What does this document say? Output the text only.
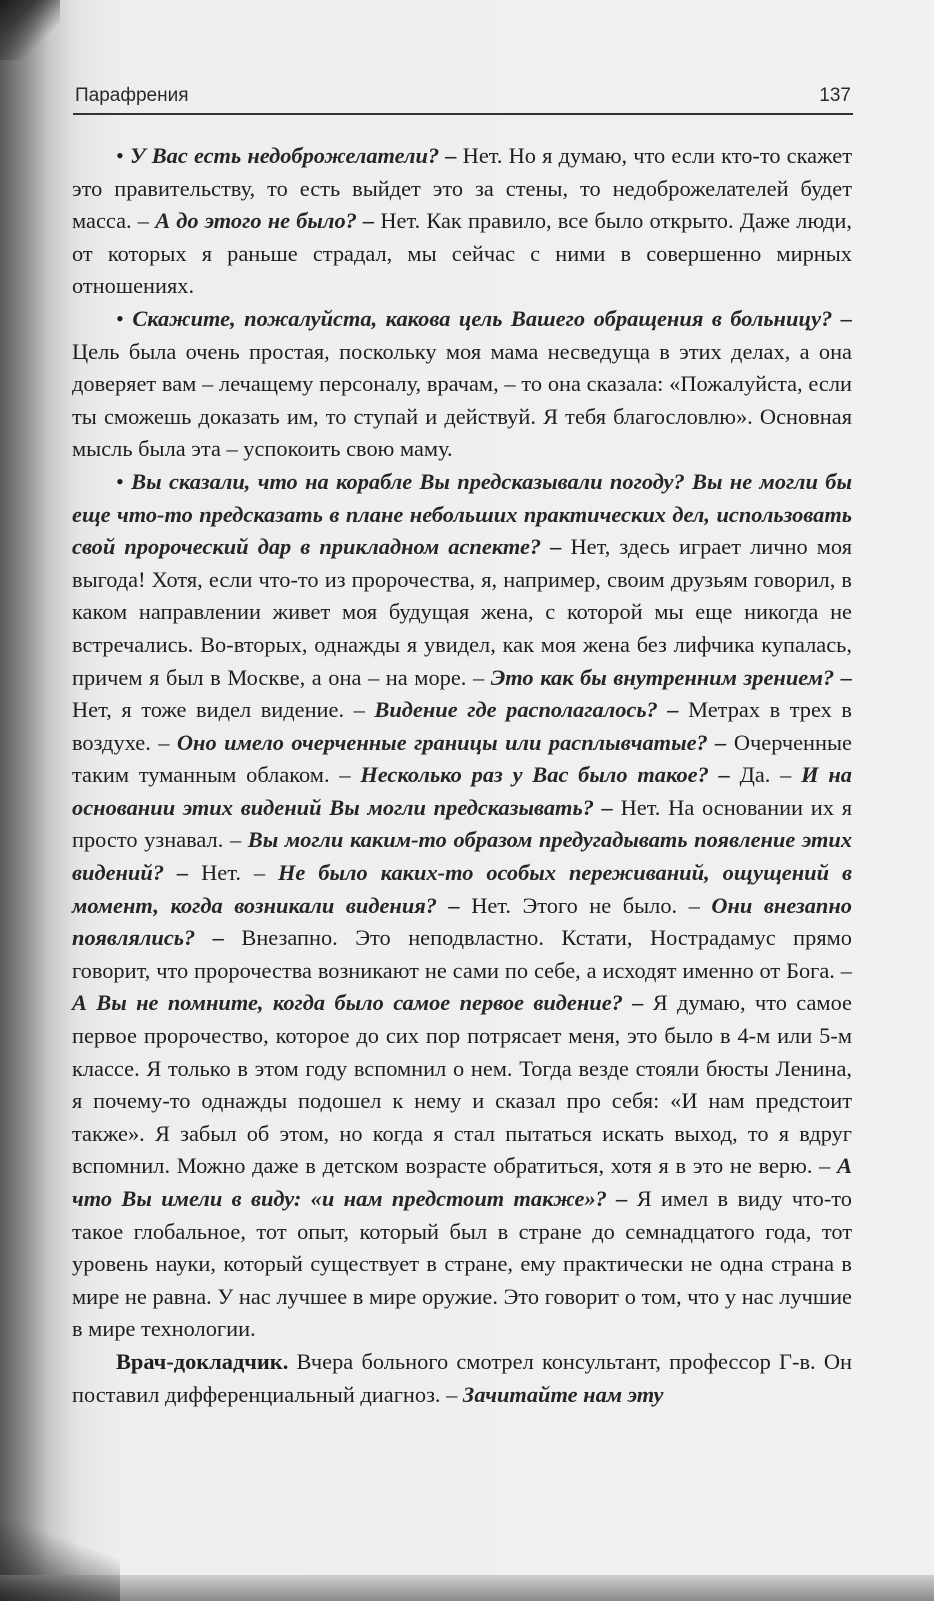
Парафрения	137

• У Вас есть недоброжелатели? – Нет. Но я думаю, что если кто-то скажет это правительству, то есть выйдет это за стены, то недоброжелателей будет масса. – А до этого не было? – Нет. Как правило, все было открыто. Даже люди, от которых я раньше страдал, мы сейчас с ними в совершенно мирных отношениях.

• Скажите, пожалуйста, какова цель Вашего обращения в больницу? – Цель была очень простая, поскольку моя мама несведуща в этих делах, а она доверяет вам – лечащему персоналу, врачам, – то она сказала: «Пожалуйста, если ты сможешь доказать им, то ступай и действуй. Я тебя благословлю». Основная мысль была эта – успокоить свою маму.

• Вы сказали, что на корабле Вы предсказывали погоду? Вы не могли бы еще что-то предсказать в плане небольших практических дел, использовать свой пророческий дар в прикладном аспекте? – Нет, здесь играет лично моя выгода! Хотя, если что-то из пророчества, я, например, своим друзьям говорил, в каком направлении живет моя будущая жена, с которой мы еще никогда не встречались. Во-вторых, однажды я увидел, как моя жена без лифчика купалась, причем я был в Москве, а она – на море. – Это как бы внутренним зрением? – Нет, я тоже видел видение. – Видение где располагалось? – Метрах в трех в воздухе. – Оно имело очерченные границы или расплывчатые? – Очерченные таким туманным облаком. – Несколько раз у Вас было такое? – Да. – И на основании этих видений Вы могли предсказывать? – Нет. На основании их я просто узнавал. – Вы могли каким-то образом предугадывать появление этих видений? – Нет. – Не было каких-то особых переживаний, ощущений в момент, когда возникали видения? – Нет. Этого не было. – Они внезапно появлялись? – Внезапно. Это неподвластно. Кстати, Нострадамус прямо говорит, что пророчества возникают не сами по себе, а исходят именно от Бога. – А Вы не помните, когда было самое первое видение? – Я думаю, что самое первое пророчество, которое до сих пор потрясает меня, это было в 4-м или 5-м классе. Я только в этом году вспомнил о нем. Тогда везде стояли бюсты Ленина, я почему-то однажды подошел к нему и сказал про себя: «И нам предстоит также». Я забыл об этом, но когда я стал пытаться искать выход, то я вдруг вспомнил. Можно даже в детском возрасте обратиться, хотя я в это не верю. – А что Вы имели в виду: «и нам предстоит также»? – Я имел в виду что-то такое глобальное, тот опыт, который был в стране до семнадцатого года, тот уровень науки, который существует в стране, ему практически не одна страна в мире не равна. У нас лучшее в мире оружие. Это говорит о том, что у нас лучшие в мире технологии.

Врач-докладчик. Вчера больного смотрел консультант, профессор Г-в. Он поставил дифференциальный диагноз. – Зачитайте нам эту
